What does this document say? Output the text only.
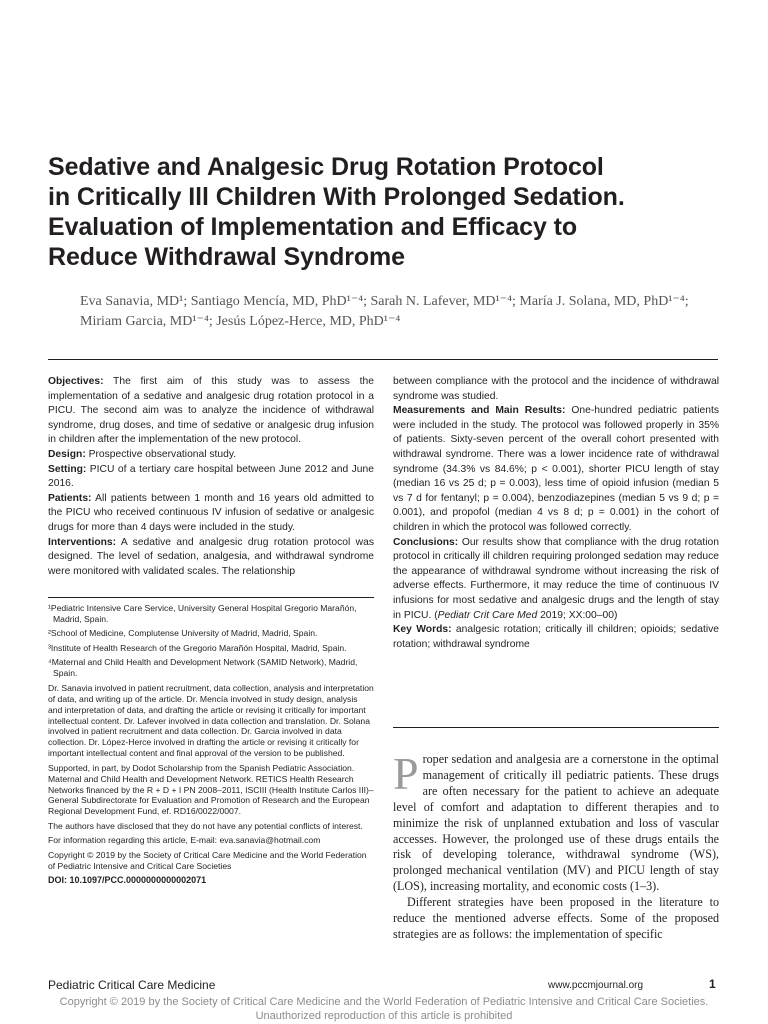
Sedative and Analgesic Drug Rotation Protocol
in Critically Ill Children With Prolonged Sedation.
Evaluation of Implementation and Efficacy to
Reduce Withdrawal Syndrome
Eva Sanavia, MD¹; Santiago Mencía, MD, PhD¹⁻⁴; Sarah N. Lafever, MD¹⁻⁴; María J. Solana, MD, PhD¹⁻⁴;
Miriam Garcia, MD¹⁻⁴; Jesús López-Herce, MD, PhD¹⁻⁴

Objectives: The first aim of this study was to assess the implementation of a sedative and analgesic drug rotation protocol in a PICU. The second aim was to analyze the incidence of withdrawal syndrome, drug doses, and time of sedative or analgesic drug infusion in children after the implementation of the new protocol.

Design: Prospective observational study.

Setting: PICU of a tertiary care hospital between June 2012 and June 2016.

Patients: All patients between 1 month and 16 years old admitted to the PICU who received continuous IV infusion of sedative or analgesic drugs for more than 4 days were included in the study.

Interventions: A sedative and analgesic drug rotation protocol was designed. The level of sedation, analgesia, and withdrawal syndrome were monitored with validated scales. The relationship

¹Pediatric Intensive Care Service, University General Hospital Gregorio Marañón, Madrid, Spain.

²School of Medicine, Complutense University of Madrid, Madrid, Spain.

³Institute of Health Research of the Gregorio Marañón Hospital, Madrid, Spain.

⁴Maternal and Child Health and Development Network (SAMID Network), Madrid, Spain.

Dr. Sanavia involved in patient recruitment, data collection, analysis and interpretation of data, and writing up of the article. Dr. Mencía involved in study design, analysis and interpretation of data, and drafting the article or revising it critically for important intellectual content. Dr. Lafever involved in data collection and translation. Dr. Solana involved in patient recruitment and data collection. Dr. Garcia involved in data collection. Dr. López-Herce involved in drafting the article or revising it critically for important intellectual content and final approval of the version to be published.

Supported, in part, by Dodot Scholarship from the Spanish Pediatric Association. Maternal and Child Health and Development Network. RETICS Health Research Networks financed by the R + D + I PN 2008–2011, ISCIII (Health Institute Carlos III)–General Subdirectorate for Evaluation and Promotion of Research and the European Regional Development Fund, ef. RD16/0022/0007.

The authors have disclosed that they do not have any potential conflicts of interest.

For information regarding this article, E-mail: eva.sanavia@hotmail.com

Copyright © 2019 by the Society of Critical Care Medicine and the World Federation of Pediatric Intensive and Critical Care Societies

DOI: 10.1097/PCC.0000000000002071

between compliance with the protocol and the incidence of withdrawal syndrome was studied.

Measurements and Main Results: One-hundred pediatric patients were included in the study. The protocol was followed properly in 35% of patients. Sixty-seven percent of the overall cohort presented with withdrawal syndrome. There was a lower incidence rate of withdrawal syndrome (34.3% vs 84.6%; p < 0.001), shorter PICU length of stay (median 16 vs 25 d; p = 0.003), less time of opioid infusion (median 5 vs 7 d for fentanyl; p = 0.004), benzodiazepines (median 5 vs 9 d; p = 0.001), and propofol (median 4 vs 8 d; p = 0.001) in the cohort of children in which the protocol was followed correctly.

Conclusions: Our results show that compliance with the drug rotation protocol in critically ill children requiring prolonged sedation may reduce the appearance of withdrawal syndrome without increasing the risk of adverse effects. Furthermore, it may reduce the time of continuous IV infusions for most sedative and analgesic drugs and the length of stay in PICU. (Pediatr Crit Care Med 2019; XX:00–00)

Key Words: analgesic rotation; critically ill children; opioids; sedative rotation; withdrawal syndrome

Proper sedation and analgesia are a cornerstone in the optimal management of critically ill pediatric patients. These drugs are often necessary for the patient to achieve an adequate level of comfort and adaptation to different therapies and to minimize the risk of unplanned extubation and loss of vascular accesses. However, the prolonged use of these drugs entails the risk of developing tolerance, withdrawal syndrome (WS), prolonged mechanical ventilation (MV) and PICU length of stay (LOS), increasing mortality, and economic costs (1–3).

Different strategies have been proposed in the literature to reduce the mentioned adverse effects. Some of the proposed strategies are as follows: the implementation of specific

Pediatric Critical Care Medicine	www.pccmjournal.org	1
Copyright © 2019 by the Society of Critical Care Medicine and the World Federation of Pediatric Intensive and Critical Care Societies.
Unauthorized reproduction of this article is prohibited
